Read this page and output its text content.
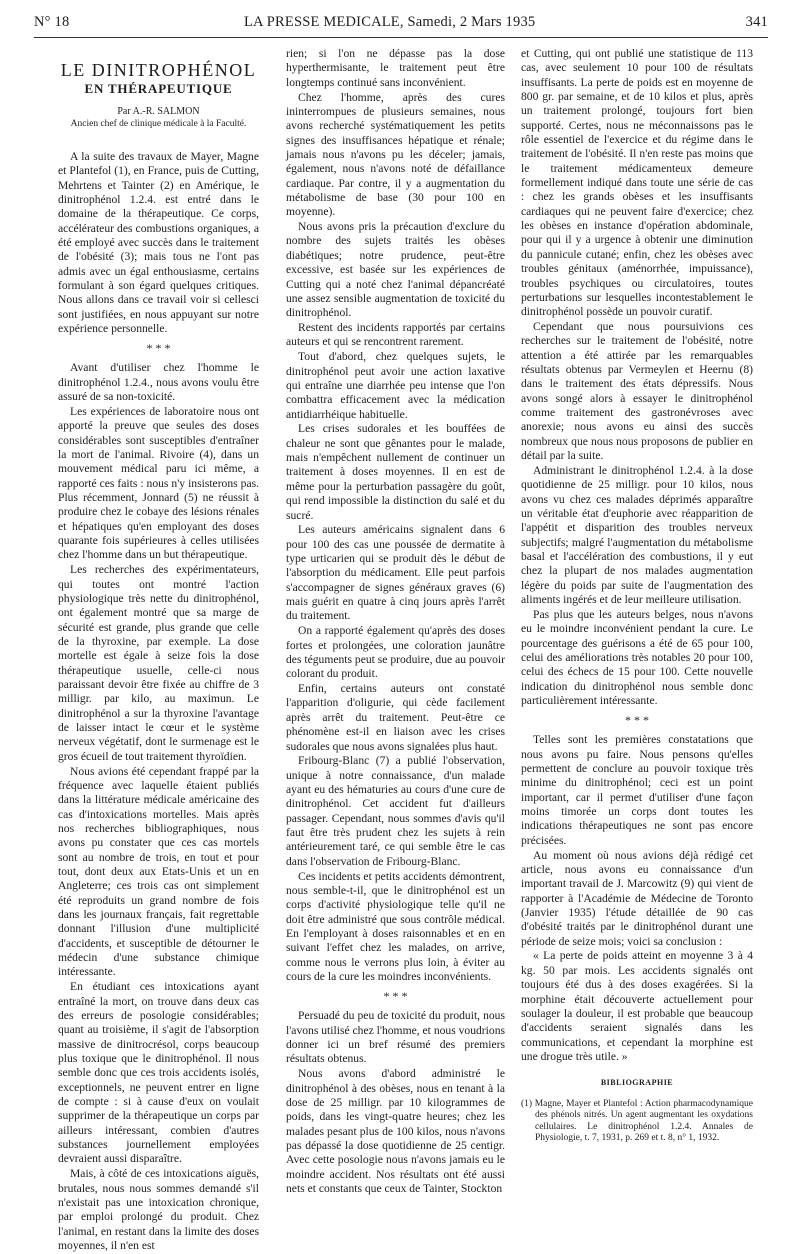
N° 18	LA PRESSE MEDICALE, Samedi, 2 Mars 1935	341
LE DINITROPHÉNOL
EN THÉRAPEUTIQUE
Par A.-R. SALMON
Ancien chef de clinique médicale à la Faculté.

A la suite des travaux de Mayer, Magne et Plantefol (1), en France, puis de Cutting, Mehrtens et Tainter (2) en Amérique, le dinitrophénol 1.2.4. est entré dans le domaine de la thérapeutique. Ce corps, accélérateur des combustions organiques, a été employé avec succès dans le traitement de l'obésité (3); mais tous ne l'ont pas admis avec un égal enthousiasme, certains formulant à son égard quelques critiques. Nous allons dans ce travail voir si cellesci sont justifiées, en nous appuyant sur notre expérience personnelle.

* * *

Avant d'utiliser chez l'homme le dinitrophénol 1.2.4., nous avons voulu être assuré de sa non-toxicité.

Les expériences de laboratoire nous ont apporté la preuve que seules des doses considérables sont susceptibles d'entraîner la mort de l'animal. Rivoire (4), dans un mouvement médical paru ici même, a rapporté ces faits : nous n'y insisterons pas. Plus récemment, Jonnard (5) ne réussit à produire chez le cobaye des lésions rénales et hépatiques qu'en employant des doses quarante fois supérieures à celles utilisées chez l'homme dans un but thérapeutique.

Les recherches des expérimentateurs, qui toutes ont montré l'action physiologique très nette du dinitrophénol, ont également montré que sa marge de sécurité est grande, plus grande que celle de la thyroxine, par exemple. La dose mortelle est égale à seize fois la dose thérapeutique usuelle, celle-ci nous paraissant devoir être fixée au chiffre de 3 milligr. par kilo, au maximun. Le dinitrophénol a sur la thyroxine l'avantage de laisser intact le cœur et le système nerveux végétatif, dont le surmenage est le gros écueil de tout traitement thyroïdien.

Nous avions été cependant frappé par la fréquence avec laquelle étaient publiés dans la littérature médicale américaine des cas d'intoxications mortelles. Mais après nos recherches bibliographiques, nous avons pu constater que ces cas mortels sont au nombre de trois, en tout et pour tout, dont deux aux Etats-Unis et un en Angleterre; ces trois cas ont simplement été reproduits un grand nombre de fois dans les journaux français, fait regrettable donnant l'illusion d'une multiplicité d'accidents, et susceptible de détourner le médecin d'une substance chimique intéressante.

En étudiant ces intoxications ayant entraîné la mort, on trouve dans deux cas des erreurs de posologie considérables; quant au troisième, il s'agit de l'absorption massive de dinitrocrésol, corps beaucoup plus toxique que le dinitrophénol. Il nous semble donc que ces trois accidents isolés, exceptionnels, ne peuvent entrer en ligne de compte : si à cause d'eux on voulait supprimer de la thérapeutique un corps par ailleurs intéressant, combien d'autres substances journellement employées devraient aussi disparaître.

Mais, à côté de ces intoxications aiguës, brutales, nous nous sommes demandé s'il n'existait pas une intoxication chronique, par emploi prolongé du produit. Chez l'animal, en restant dans la limite des doses moyennes, il n'en est

rien; si l'on ne dépasse pas la dose hyperthermisante, le traitement peut être longtemps continué sans inconvénient.

Chez l'homme, après des cures ininterrompues de plusieurs semaines, nous avons recherché systématiquement les petits signes des insuffisances hépatique et rénale; jamais nous n'avons pu les déceler; jamais, également, nous n'avons noté de défaillance cardiaque. Par contre, il y a augmentation du métabolisme de base (30 pour 100 en moyenne).

Nous avons pris la précaution d'exclure du nombre des sujets traités les obèses diabétiques; notre prudence, peut-être excessive, est basée sur les expériences de Cutting qui a noté chez l'animal dépancréaté une assez sensible augmentation de toxicité du dinitrophénol.

Restent des incidents rapportés par certains auteurs et qui se rencontrent rarement.

Tout d'abord, chez quelques sujets, le dinitrophénol peut avoir une action laxative qui entraîne une diarrhée peu intense que l'on combattra efficacement avec la médication antidiarrhéique habituelle.

Les crises sudorales et les bouffées de chaleur ne sont que gênantes pour le malade, mais n'empêchent nullement de continuer un traitement à doses moyennes. Il en est de même pour la perturbation passagère du goût, qui rend impossible la distinction du salé et du sucré.

Les auteurs américains signalent dans 6 pour 100 des cas une poussée de dermatite à type urticarien qui se produit dès le début de l'absorption du médicament. Elle peut parfois s'accompagner de signes généraux graves (6) mais guérit en quatre à cinq jours après l'arrêt du traitement.

On a rapporté également qu'après des doses fortes et prolongées, une coloration jaunâtre des téguments peut se produire, due au pouvoir colorant du produit.

Enfin, certains auteurs ont constaté l'apparition d'oligurie, qui cède facilement après arrêt du traitement. Peut-être ce phénomène est-il en liaison avec les crises sudorales que nous avons signalées plus haut.

Fribourg-Blanc (7) a publié l'observation, unique à notre connaissance, d'un malade ayant eu des hématuries au cours d'une cure de dinitrophénol. Cet accident fut d'ailleurs passager. Cependant, nous sommes d'avis qu'il faut être très prudent chez les sujets à rein antérieurement taré, ce qui semble être le cas dans l'observation de Fribourg-Blanc.

Ces incidents et petits accidents démontrent, nous semble-t-il, que le dinitrophénol est un corps d'activité physiologique telle qu'il ne doit être administré que sous contrôle médical. En l'employant à doses raisonnables et en en suivant l'effet chez les malades, on arrive, comme nous le verrons plus loin, à éviter au cours de la cure les moindres inconvénients.

* * *

Persuadé du peu de toxicité du produit, nous l'avons utilisé chez l'homme, et nous voudrions donner ici un bref résumé des premiers résultats obtenus.

Nous avons d'abord administré le dinitrophénol à des obèses, nous en tenant à la dose de 25 milligr. par 10 kilogrammes de poids, dans les vingt-quatre heures; chez les malades pesant plus de 100 kilos, nous n'avons pas dépassé la dose quotidienne de 25 centigr. Avec cette posologie nous n'avons jamais eu le moindre accident. Nos résultats ont été aussi nets et constants que ceux de Tainter, Stockton

et Cutting, qui ont publié une statistique de 113 cas, avec seulement 10 pour 100 de résultats insuffisants. La perte de poids est en moyenne de 800 gr. par semaine, et de 10 kilos et plus, après un traitement prolongé, toujours fort bien supporté. Certes, nous ne méconnaissons pas le rôle essentiel de l'exercice et du régime dans le traitement de l'obésité. Il n'en reste pas moins que le traitement médicamenteux demeure formellement indiqué dans toute une série de cas : chez les grands obèses et les insuffisants cardiaques qui ne peuvent faire d'exercice; chez les obèses en instance d'opération abdominale, pour qui il y a urgence à obtenir une diminution du pannicule cutané; enfin, chez les obèses avec troubles génitaux (aménorrhée, impuissance), troubles psychiques ou circulatoires, toutes perturbations sur lesquelles incontestablement le dinitrophénol possède un pouvoir curatif.

Cependant que nous poursuivions ces recherches sur le traitement de l'obésité, notre attention a été attirée par les remarquables résultats obtenus par Vermeylen et Heernu (8) dans le traitement des états dépressifs. Nous avons songé alors à essayer le dinitrophénol comme traitement des gastronévroses avec anorexie; nous avons eu ainsi des succès nombreux que nous nous proposons de publier en détail par la suite.

Administrant le dinitrophénol 1.2.4. à la dose quotidienne de 25 milligr. pour 10 kilos, nous avons vu chez ces malades déprimés apparaître un véritable état d'euphorie avec réapparition de l'appétit et disparition des troubles nerveux subjectifs; malgré l'augmentation du métabolisme basal et l'accélération des combustions, il y eut chez la plupart de nos malades augmentation légère du poids par suite de l'augmentation des aliments ingérés et de leur meilleure utilisation.

Pas plus que les auteurs belges, nous n'avons eu le moindre inconvénient pendant la cure. Le pourcentage des guérisons a été de 65 pour 100, celui des améliorations très notables 20 pour 100, celui des échecs de 15 pour 100. Cette nouvelle indication du dinitrophénol nous semble donc particulièrement intéressante.

* * *

Telles sont les premières constatations que nous avons pu faire. Nous pensons qu'elles permettent de conclure au pouvoir toxique très minime du dinitrophénol; ceci est un point important, car il permet d'utiliser d'une façon moins timorée un corps dont toutes les indications thérapeutiques ne sont pas encore précisées.

Au moment où nous avions déjà rédigé cet article, nous avons eu connaissance d'un important travail de J. Marcowitz (9) qui vient de rapporter à l'Académie de Médecine de Toronto (Janvier 1935) l'étude détaillée de 90 cas d'obésité traités par le dinitrophénol durant une période de seize mois; voici sa conclusion :

« La perte de poids atteint en moyenne 3 à 4 kg. 50 par mois. Les accidents signalés ont toujours été dus à des doses exagérées. Si la morphine était découverte actuellement pour soulager la douleur, il est probable que beaucoup d'accidents seraient signalés dans les communications, et cependant la morphine est une drogue très utile. »

BIBLIOGRAPHIE
(1) Magne, Mayer et Plantefol : Action pharmacodynamique des phénols nitrés. Un agent augmentant les oxydations cellulaires. Le dinitrophénol 1.2.4. Annales de Physiologie, t. 7, 1931, p. 269 et t. 8, n° 1, 1932.
